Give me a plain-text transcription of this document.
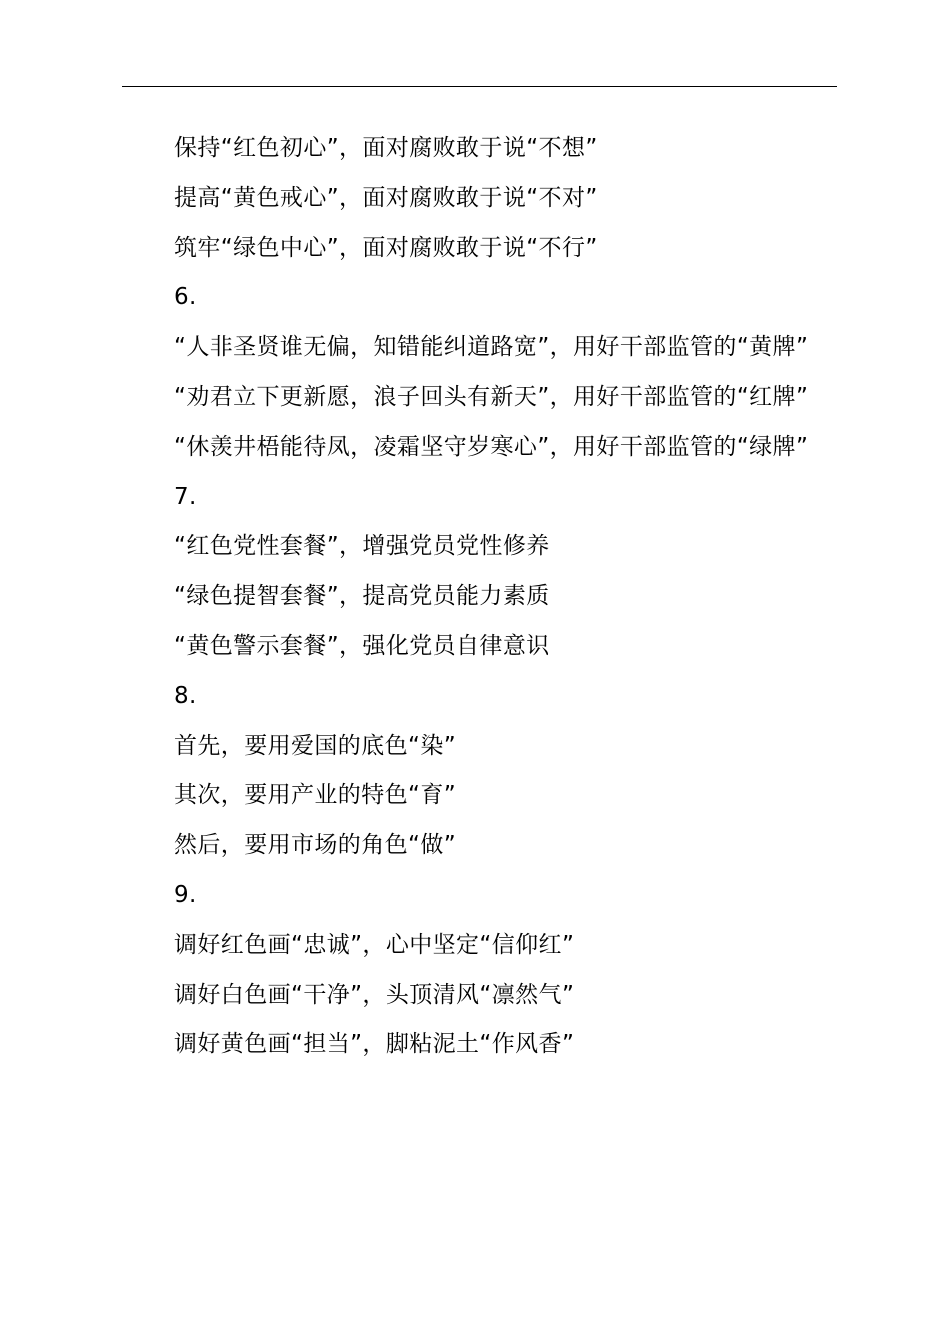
保持“红色初心”，面对腐败敢于说“不想”

提高“黄色戒心”，面对腐败敢于说“不对”

筑牢“绿色中心”，面对腐败敢于说“不行”

6.

“人非圣贤谁无偏，知错能纠道路宽”，用好干部监管的“黄牌”

“劝君立下更新愿，浪子回头有新天”，用好干部监管的“红牌”

“休羡井梧能待凤，凌霜坚守岁寒心”，用好干部监管的“绿牌”

7.

“红色党性套餐”，增强党员党性修养

“绿色提智套餐”，提高党员能力素质

“黄色警示套餐”，强化党员自律意识

8.

首先，要用爱国的底色“染”

其次，要用产业的特色“育”

然后，要用市场的角色“做”

9.

调好红色画“忠诚”，心中坚定“信仰红”

调好白色画“干净”，头顶清风“凛然气”

调好黄色画“担当”，脚粘泥土“作风香”
